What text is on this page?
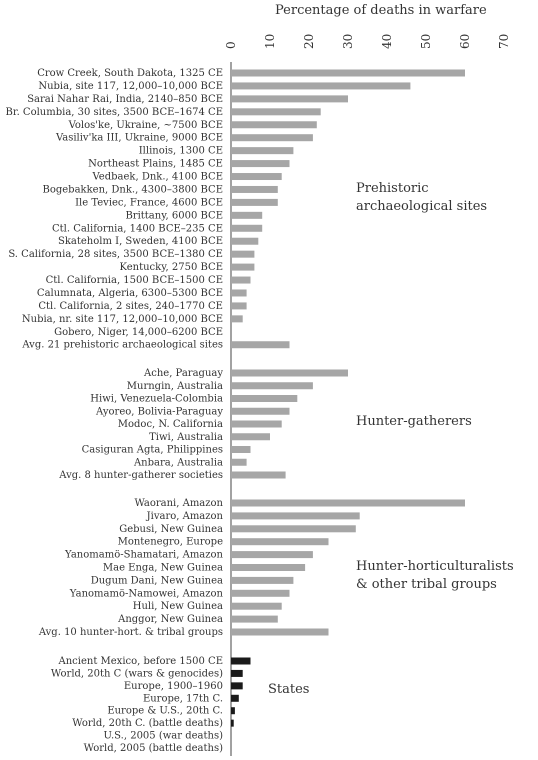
Percentage of deaths in warfare
0 10 20 30 40 50 60 70
Crow Creek, South Dakota, 1325 CE
Nubia, site 117, 12,000–10,000 BCE
Sarai Nahar Rai, India, 2140–850 BCE
Br. Columbia, 30 sites, 3500 BCE–1674 CE
Volos'ke, Ukraine, ~7500 BCE
Vasiliv'ka III, Ukraine, 9000 BCE
Illinois, 1300 CE
Northeast Plains, 1485 CE
Vedbaek, Dnk., 4100 BCE
Bogebakken, Dnk., 4300–3800 BCE
Ile Teviec, France, 4600 BCE
Brittany, 6000 BCE
Ctl. California, 1400 BCE–235 CE
Skateholm I, Sweden, 4100 BCE
S. California, 28 sites, 3500 BCE–1380 CE
Kentucky, 2750 BCE
Ctl. California, 1500 BCE–1500 CE
Calumnata, Algeria, 6300–5300 BCE
Ctl. California, 2 sites, 240–1770 CE
Nubia, nr. site 117, 12,000–10,000 BCE
Gobero, Niger, 14,000–6200 BCE
Avg. 21 prehistoric archaeological sites
Ache, Paraguay
Murngin, Australia
Hiwi, Venezuela-Colombia
Ayoreo, Bolivia-Paraguay
Modoc, N. California
Tiwi, Australia
Casiguran Agta, Philippines
Anbara, Australia
Avg. 8 hunter-gatherer societies
Waorani, Amazon
Jivaro, Amazon
Gebusi, New Guinea
Montenegro, Europe
Yanomamö-Shamatari, Amazon
Mae Enga, New Guinea
Dugum Dani, New Guinea
Yanomamö-Namowei, Amazon
Huli, New Guinea
Anggor, New Guinea
Avg. 10 hunter-hort. & tribal groups
Ancient Mexico, before 1500 CE
World, 20th C (wars & genocides)
Europe, 1900–1960
Europe, 17th C.
Europe & U.S., 20th C.
World, 20th C. (battle deaths)
U.S., 2005 (war deaths)
World, 2005 (battle deaths)
Prehistoric
archaeological sites
Hunter-gatherers
Hunter-horticulturalists
& other tribal groups
States
